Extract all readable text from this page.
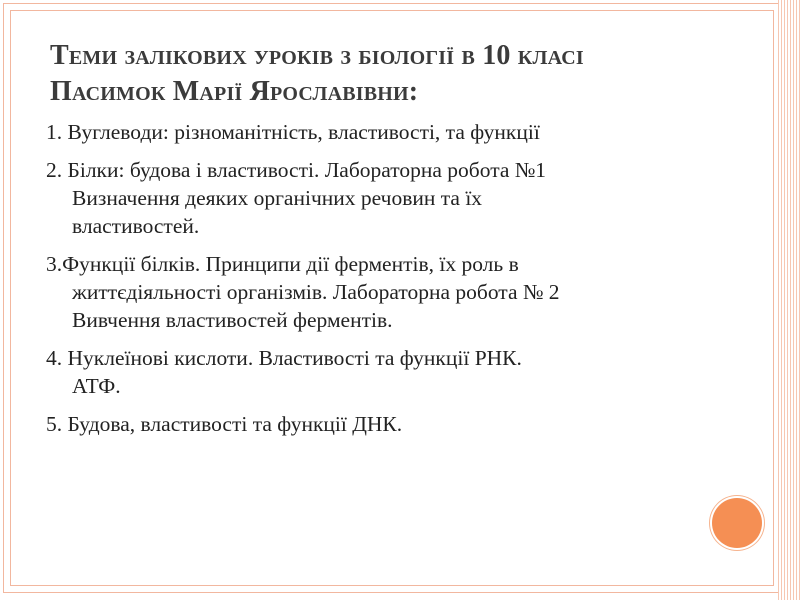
Теми залікових уроків з біології в 10 класі
Пасимок Марії Ярославівни:
1. Вуглеводи: різноманітність, властивості, та функції
2. Білки: будова і властивості. Лабораторна робота №1
Визначення деяких органічних речовин та їх
властивостей.
3.Функції білків. Принципи дії ферментів, їх роль в
життєдіяльності організмів. Лабораторна робота № 2
Вивчення властивостей ферментів.
4. Нуклеїнові кислоти. Властивості та функції РНК.
АТФ.
5. Будова, властивості та функції ДНК.
